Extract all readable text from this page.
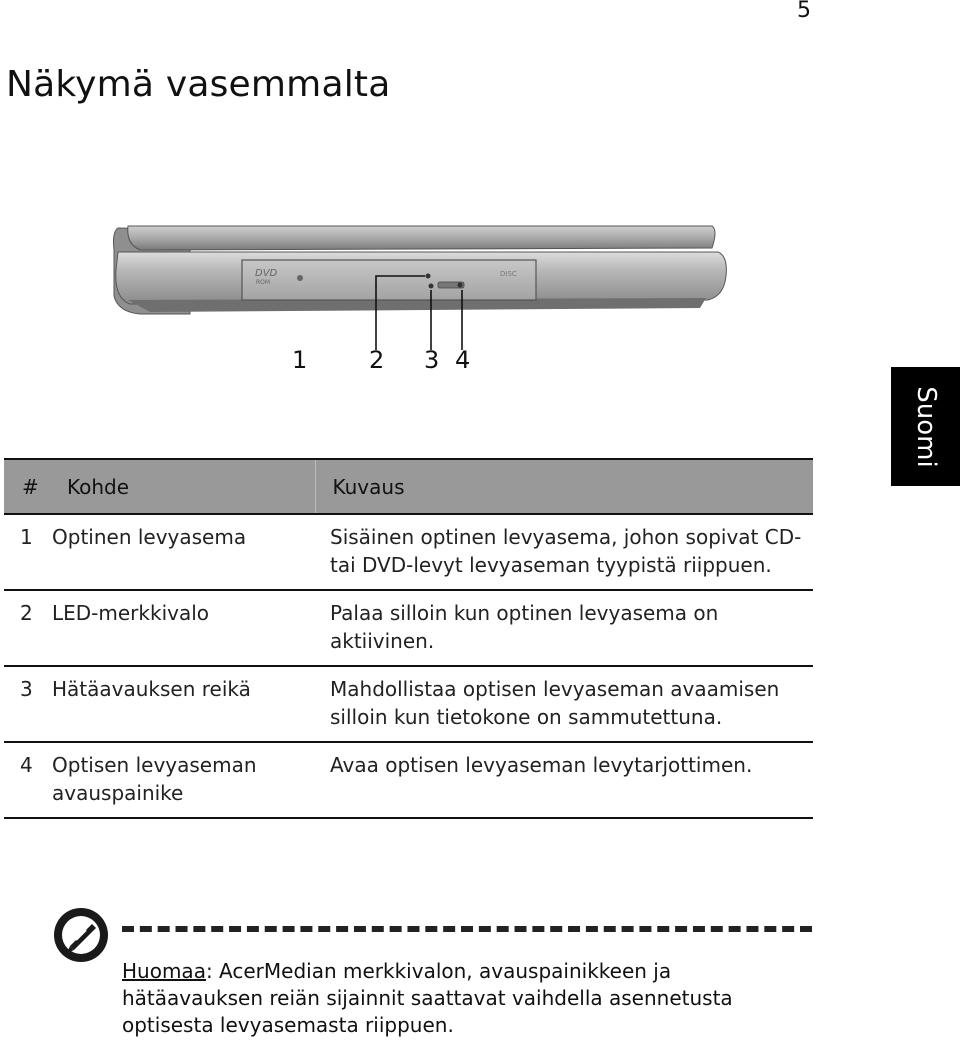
5
Näkymä vasemmalta
DVD
ROM
DISC
1	2 3 4
Suomi
#	Kohde	Kuvaus
1	Optinen levyasema	Sisäinen optinen levyasema, johon sopivat CD- tai DVD-levyt levyaseman tyypistä riippuen.
2	LED-merkkivalo	Palaa silloin kun optinen levyasema on aktiivinen.
3	Hätäavauksen reikä	Mahdollistaa optisen levyaseman avaamisen silloin kun tietokone on sammutettuna.
4	Optisen levyaseman avauspainike	Avaa optisen levyaseman levytarjottimen.
Huomaa: AcerMedian merkkivalon, avauspainikkeen ja hätäavauksen reiän sijainnit saattavat vaihdella asennetusta optisesta levyasemasta riippuen.
